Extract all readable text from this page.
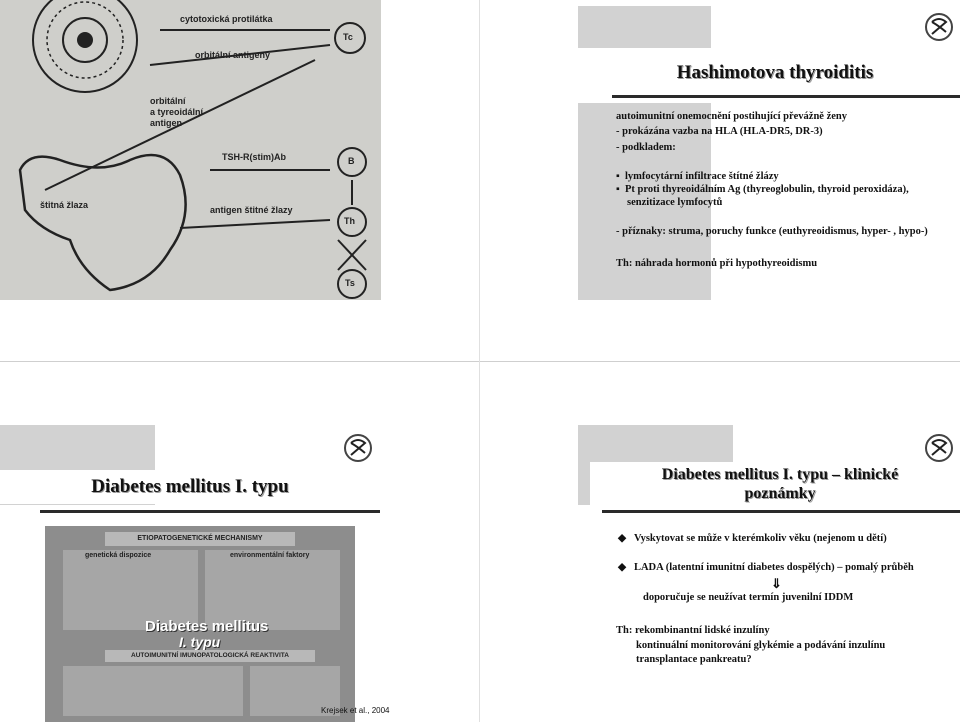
cytotoxická protilátka
orbitální antigeny
orbitální
a tyreoidální
antigen
TSH-R(stim)Ab
štitná žlaza	antigen štitné žlazy
Tc
B
Th
Ts
Hashimotova thyroiditis
autoimunitní onemocnění postihující převážně ženy
- prokázána vazba na HLA (HLA-DR5, DR-3)
- podkladem:
▪  lymfocytární infiltrace štítné žlázy
▪  Pt proti thyreoidálním Ag (thyreoglobulin, thyroid peroxidáza),
senzitizace lymfocytů
- příznaky: struma, poruchy funkce (euthyreoidismus, hyper- , hypo-)
Th: náhrada hormonů při hypothyreoidismu
Diabetes mellitus I. typu
ETIOPATOGENETICKÉ MECHANISMY
genetická dispozice	environmentální faktory
Diabetes mellitus
I. typu
AUTOIMUNITNÍ IMUNOPATOLOGICKÁ REAKTIVITA
Krejsek et al., 2004
Diabetes mellitus I. typu – klinické
poznámky
◆   Vyskytovat se může v kterémkoliv věku (nejenom u dětí)
◆   LADA (latentní imunitní diabetes dospělých) – pomalý průběh
⇓
doporučuje se neužívat termín juvenilní IDDM
Th: rekombinantní lidské inzulíny
kontinuální monitorování glykémie a podávání inzulínu
transplantace pankreatu?
